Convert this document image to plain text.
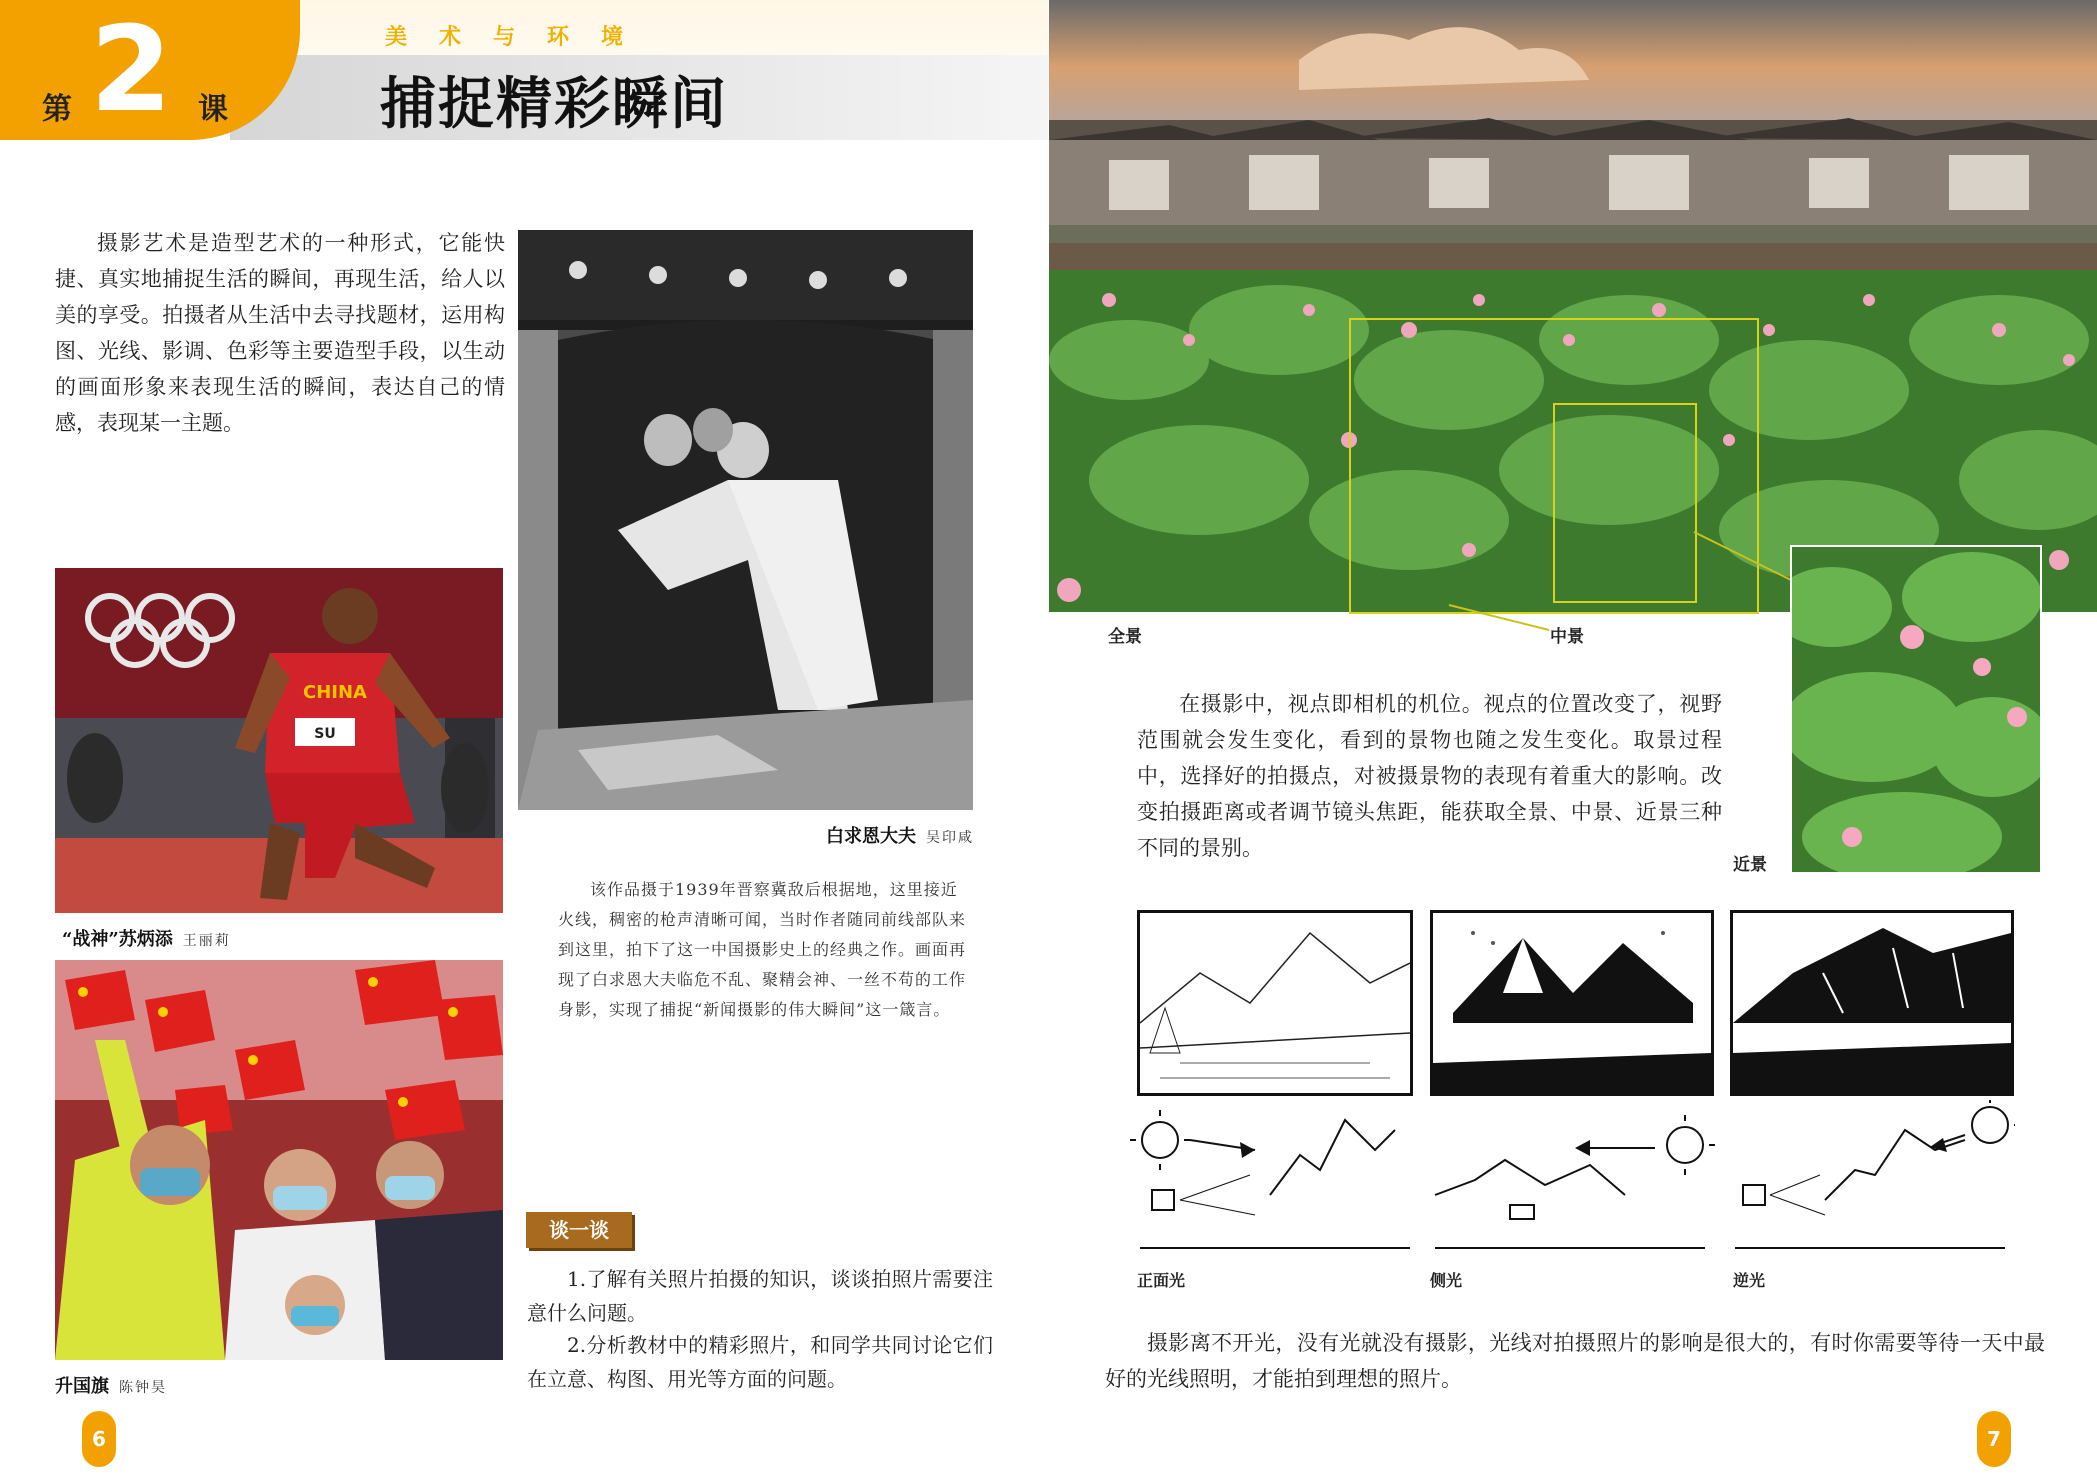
第 2 课
美术与环境
捕捉精彩瞬间

摄影艺术是造型艺术的一种形式，它能快捷、真实地捕捉生活的瞬间，再现生活，给人以美的享受。拍摄者从生活中去寻找题材，运用构图、光线、影调、色彩等主要造型手段，以生动的画面形象来表现生活的瞬间，表达自己的情感，表现某一主题。

白求恩大夫 吴印咸

该作品摄于1939年晋察冀敌后根据地，这里接近火线，稠密的枪声清晰可闻，当时作者随同前线部队来到这里，拍下了这一中国摄影史上的经典之作。画面再现了白求恩大夫临危不乱、聚精会神、一丝不苟的工作身影，实现了捕捉“新闻摄影的伟大瞬间”这一箴言。

SU
CHINA
“战神”苏炳添 王丽莉
升国旗 陈钟昊
谈一谈

1.了解有关照片拍摄的知识，谈谈拍照片需要注意什么问题。

2.分析教材中的精彩照片，和同学共同讨论它们在立意、构图、用光等方面的问题。

6
全景	中景
近景

在摄影中，视点即相机的机位。视点的位置改变了，视野范围就会发生变化，看到的景物也随之发生变化。取景过程中，选择好的拍摄点，对被摄景物的表现有着重大的影响。改变拍摄距离或者调节镜头焦距，能获取全景、中景、近景三种不同的景别。

正面光	侧光	逆光

摄影离不开光，没有光就没有摄影，光线对拍摄照片的影响是很大的，有时你需要等待一天中最好的光线照明，才能拍到理想的照片。

7
